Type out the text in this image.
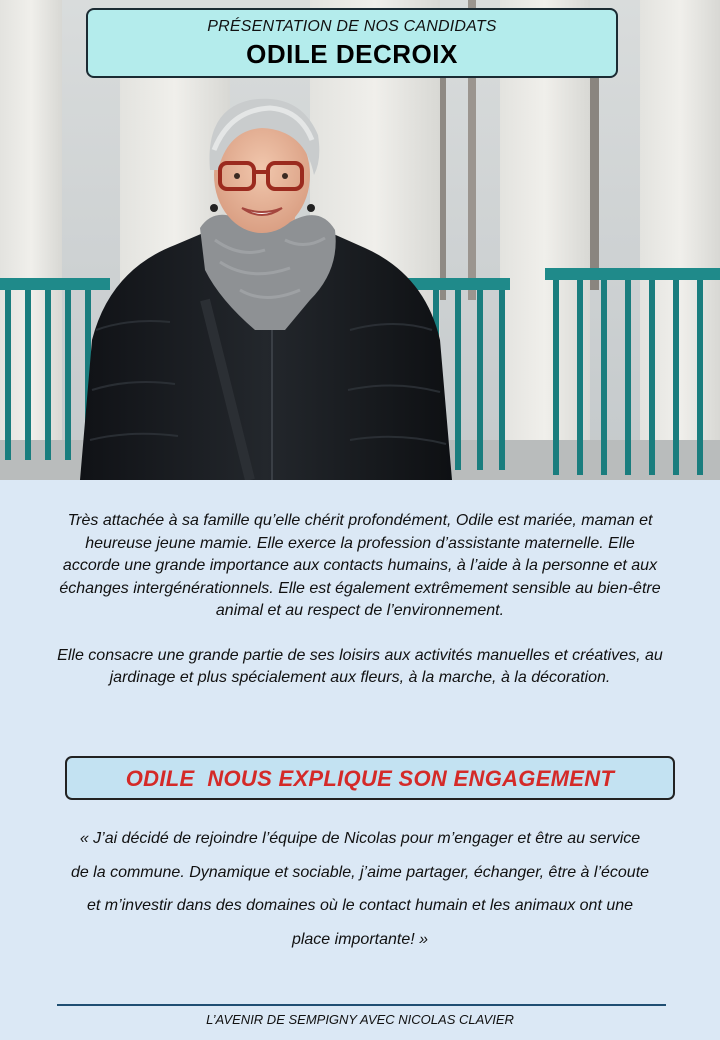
PRÉSENTATION DE NOS CANDIDATS
ODILE DECROIX

Très attachée à sa famille qu’elle chérit profondément, Odile est mariée, maman et heureuse jeune mamie. Elle exerce la profession d’assistante maternelle. Elle accorde une grande importance aux contacts humains, à l’aide à la personne et aux échanges intergénérationnels. Elle est également extrêmement sensible au bien-être animal et au respect de l’environnement.

Elle consacre une grande partie de ses loisirs aux activités manuelles et créatives, au jardinage et plus spécialement aux fleurs, à la marche, à la décoration.

ODILE  NOUS EXPLIQUE SON ENGAGEMENT
« J’ai décidé de rejoindre l’équipe de Nicolas pour m’engager et être au service de la commune. Dynamique et sociable, j’aime partager, échanger, être à l’écoute et m’investir dans des domaines où le contact humain et les animaux ont une place importante! »
L’AVENIR DE SEMPIGNY AVEC NICOLAS CLAVIER
